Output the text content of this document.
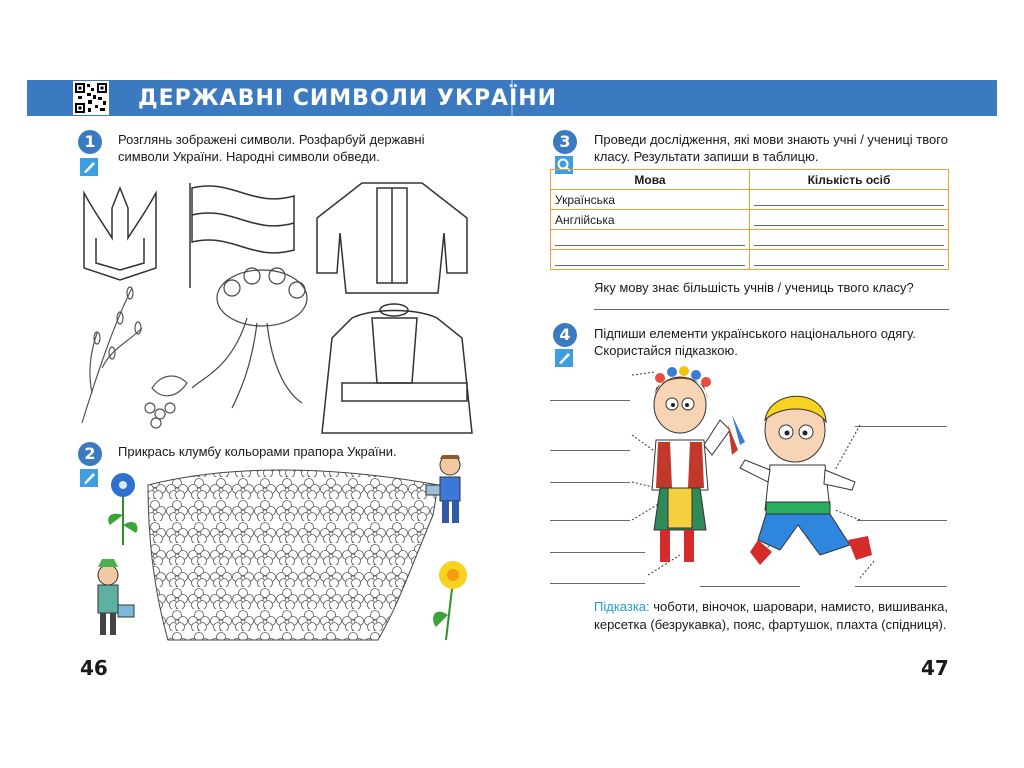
ДЕРЖАВНІ СИМВОЛИ УКРАЇНИ
1	Розглянь зображені символи. Розфарбуй державні символи України. Народні символи обведи.
2	Прикрась клумбу кольорами прапора України.
46
3	Проведи дослідження, які мови знають учні / учениці твого класу. Результати запиши в таблицю.
Мова	Кількість осіб
Українська	

Англійська	

Яку мову знає більшість учнів / учениць твого класу?
4	Підпиши елементи українського національного одягу. Скористайся підказкою.
Підказка: чоботи, віночок, шаровари, намисто, вишиванка, керсетка (безрукавка), пояс, фартушок, плахта (спідниця).
47
